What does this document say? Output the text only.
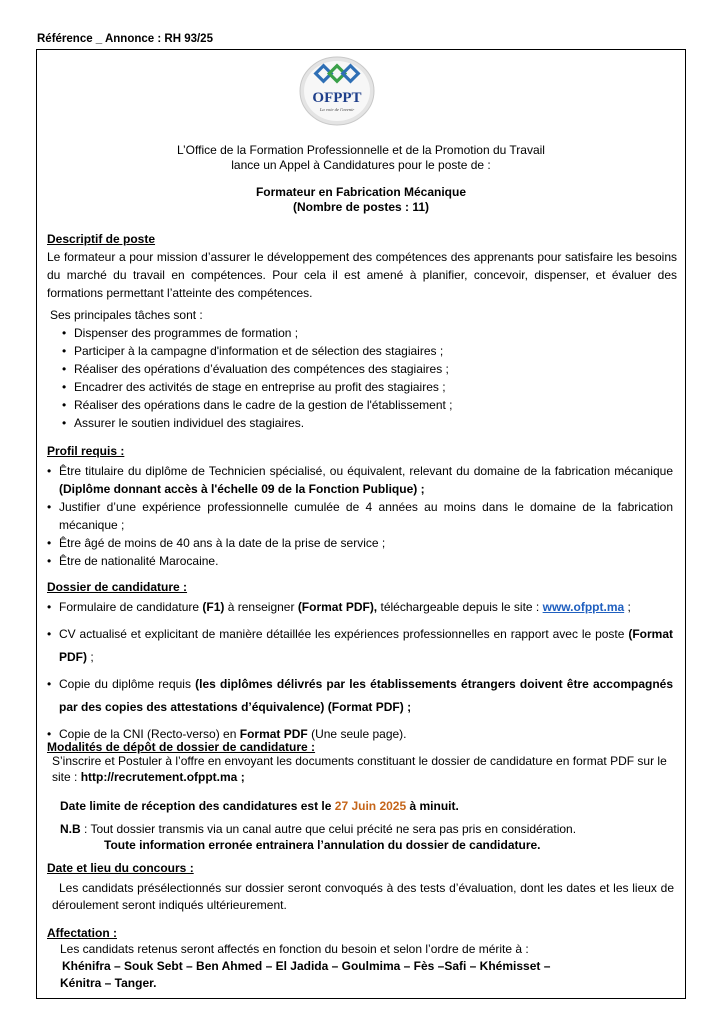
Référence _ Annonce : RH 93/25
OFPPT
La voie de l'avenir
L’Office de la Formation Professionnelle et de la Promotion du Travail
lance un Appel à Candidatures pour le poste de :
Formateur en Fabrication Mécanique
(Nombre de postes : 11)
Descriptif de poste
Le formateur a pour mission d’assurer le développement des compétences des apprenants pour satisfaire les besoins du marché du travail en compétences. Pour cela il est amené à planifier, concevoir, dispenser, et évaluer des formations permettant l’atteinte des compétences.
Ses principales tâches sont :
• Dispenser des programmes de formation ;
• Participer à la campagne d'information et de sélection des stagiaires ;
• Réaliser des opérations d’évaluation des compétences des stagiaires ;
• Encadrer des activités de stage en entreprise au profit des stagiaires ;
• Réaliser des opérations dans le cadre de la gestion de l'établissement ;
• Assurer le soutien individuel des stagiaires.
Profil requis :
• Être titulaire du diplôme de Technicien spécialisé, ou équivalent, relevant du domaine de la fabrication mécanique (Diplôme donnant accès à l'échelle 09 de la Fonction Publique) ;
• Justifier d’une expérience professionnelle cumulée de 4 années au moins dans le domaine de la fabrication mécanique ;
• Être âgé de moins de 40 ans à la date de la prise de service ;
• Être de nationalité Marocaine.
Dossier de candidature :
• Formulaire de candidature (F1) à renseigner (Format PDF), téléchargeable depuis le site : www.ofppt.ma ;
• CV actualisé et explicitant de manière détaillée les expériences professionnelles en rapport avec le poste (Format PDF) ;
• Copie du diplôme requis (les diplômes délivrés par les établissements étrangers doivent être accompagnés par des copies des attestations d’équivalence) (Format PDF) ;
• Copie de la CNI (Recto-verso) en Format PDF (Une seule page).
Modalités de dépôt de dossier de candidature :
S’inscrire et Postuler à l’offre en envoyant les documents constituant le dossier de candidature en format PDF sur le site : http://recrutement.ofppt.ma ;
Date limite de réception des candidatures est le 27 Juin 2025 à minuit.
N.B : Tout dossier transmis via un canal autre que celui précité ne sera pas pris en considération.
Toute information erronée entrainera l’annulation du dossier de candidature.
Date et lieu du concours :
Les candidats présélectionnés sur dossier seront convoqués à des tests d’évaluation, dont les dates et les lieux de déroulement seront indiqués ultérieurement.
Affectation :
Les candidats retenus seront affectés en fonction du besoin et selon l’ordre de mérite à :
Khénifra – Souk Sebt – Ben Ahmed – El Jadida – Goulmima – Fès –Safi – Khémisset –
Kénitra – Tanger.
